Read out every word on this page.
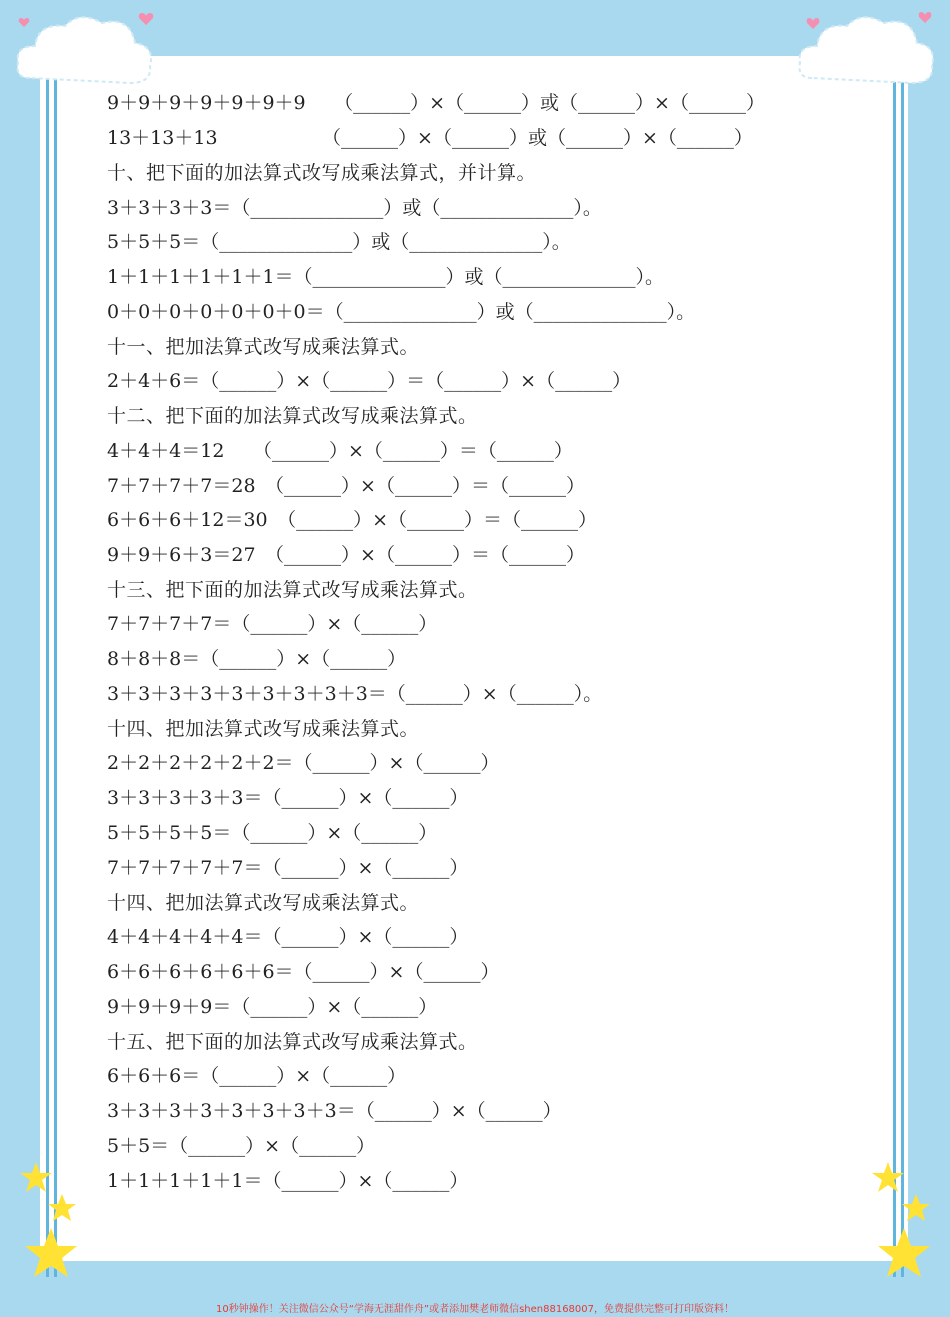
9＋9＋9＋9＋9＋9＋9　　（______）×（______）或（______）×（______）
13＋13＋13　　　　　　（______）×（______）或（______）×（______）
十、把下面的加法算式改写成乘法算式，并计算。
3＋3＋3＋3＝（______________）或（______________）。
5＋5＋5＝（______________）或（______________）。
1＋1＋1＋1＋1＋1＝（______________）或（______________）。
0＋0＋0＋0＋0＋0＋0＝（______________）或（______________）。
十一、把加法算式改写成乘法算式。
2＋4＋6＝（______）×（______）＝（______）×（______）
十二、把下面的加法算式改写成乘法算式。
4＋4＋4＝12　　（______）×（______）＝（______）
7＋7＋7＋7＝28　（______）×（______）＝（______）
6＋6＋6＋12＝30　（______）×（______）＝（______）
9＋9＋6＋3＝27　（______）×（______）＝（______）
十三、把下面的加法算式改写成乘法算式。
7＋7＋7＋7＝（______）×（______）
8＋8＋8＝（______）×（______）
3＋3＋3＋3＋3＋3＋3＋3＋3＝（______）×（______）。
十四、把加法算式改写成乘法算式。
2＋2＋2＋2＋2＋2＝（______）×（______）
3＋3＋3＋3＋3＝（______）×（______）
5＋5＋5＋5＝（______）×（______）
7＋7＋7＋7＋7＝（______）×（______）
十四、把加法算式改写成乘法算式。
4＋4＋4＋4＋4＝（______）×（______）
6＋6＋6＋6＋6＋6＝（______）×（______）
9＋9＋9＋9＝（______）×（______）
十五、把下面的加法算式改写成乘法算式。
6＋6＋6＝（______）×（______）
3＋3＋3＋3＋3＋3＋3＋3＝（______）×（______）
5＋5＝（______）×（______）
1＋1＋1＋1＋1＝（______）×（______）
10秒钟操作！关注微信公众号“学海无涯甜作舟”或者添加樊老师微信shen88168007，免费提供完整可打印版资料！
